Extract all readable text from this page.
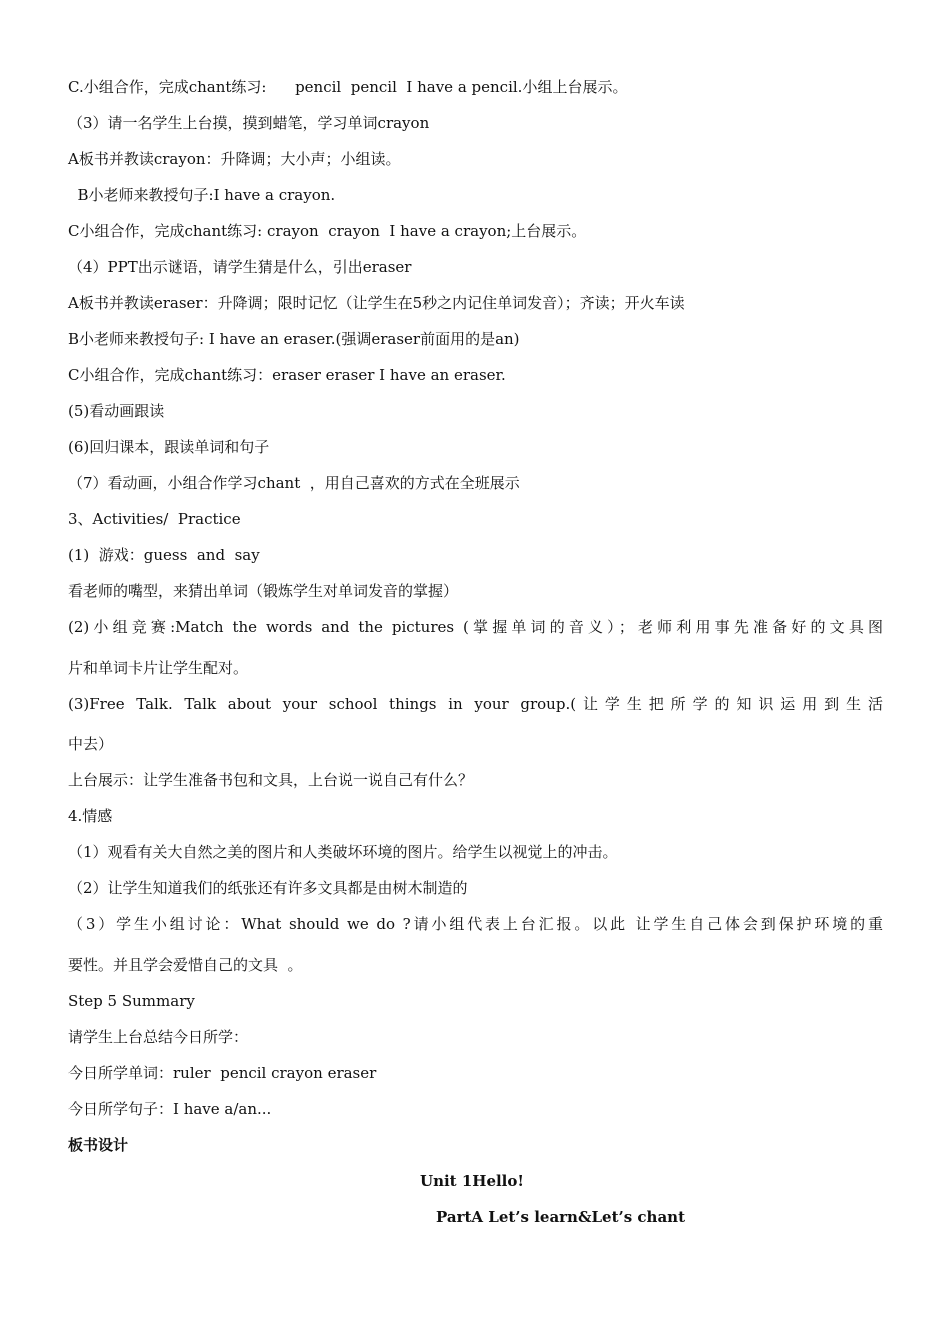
C.小组合作，完成chant练习:      pencil  pencil  I have a pencil.小组上台展示。

（3）请一名学生上台摸，摸到蜡笔，学习单词crayon

A板书并教读crayon：升降调；大小声；小组读。

B小老师来教授句子:I have a crayon.

C小组合作，完成chant练习: crayon  crayon  I have a crayon;上台展示。

（4）PPT出示谜语，请学生猜是什么，引出eraser

A板书并教读eraser：升降调；限时记忆（让学生在5秒之内记住单词发音）；齐读；开火车读

B小老师来教授句子: I have an eraser.(强调eraser前面用的是an)

C小组合作，完成chant练习：eraser eraser I have an eraser.

(5)看动画跟读

(6)回归课本，跟读单词和句子

（7）看动画，小组合作学习chant  ，用自己喜欢的方式在全班展示

3、Activities/  Practice

(1)  游戏：guess  and  say

看老师的嘴型，来猜出单词（锻炼学生对单词发音的掌握）

(2)小组竞赛:Match the words and the pictures (掌握单词的音义）；老师利用事先准备好的文具图

片和单词卡片让学生配对。

(3)Free Talk. Talk about your school things in your group.(让学生把所学的知识运用到生活

中去）

上台展示：让学生准备书包和文具，上台说一说自己有什么？

4.情感

（1）观看有关大自然之美的图片和人类破坏环境的图片。给学生以视觉上的冲击。

（2）让学生知道我们的纸张还有许多文具都是由树木制造的

（3）学生小组讨论：What should we do ?请小组代表上台汇报。以此 让学生自己体会到保护环境的重

要性。并且学会爱惜自己的文具  。

Step 5 Summary

请学生上台总结今日所学：

今日所学单词：ruler  pencil crayon eraser

今日所学句子：I have a/an...

板书设计

Unit 1Hello!

PartA Let’s learn&Let’s chant
